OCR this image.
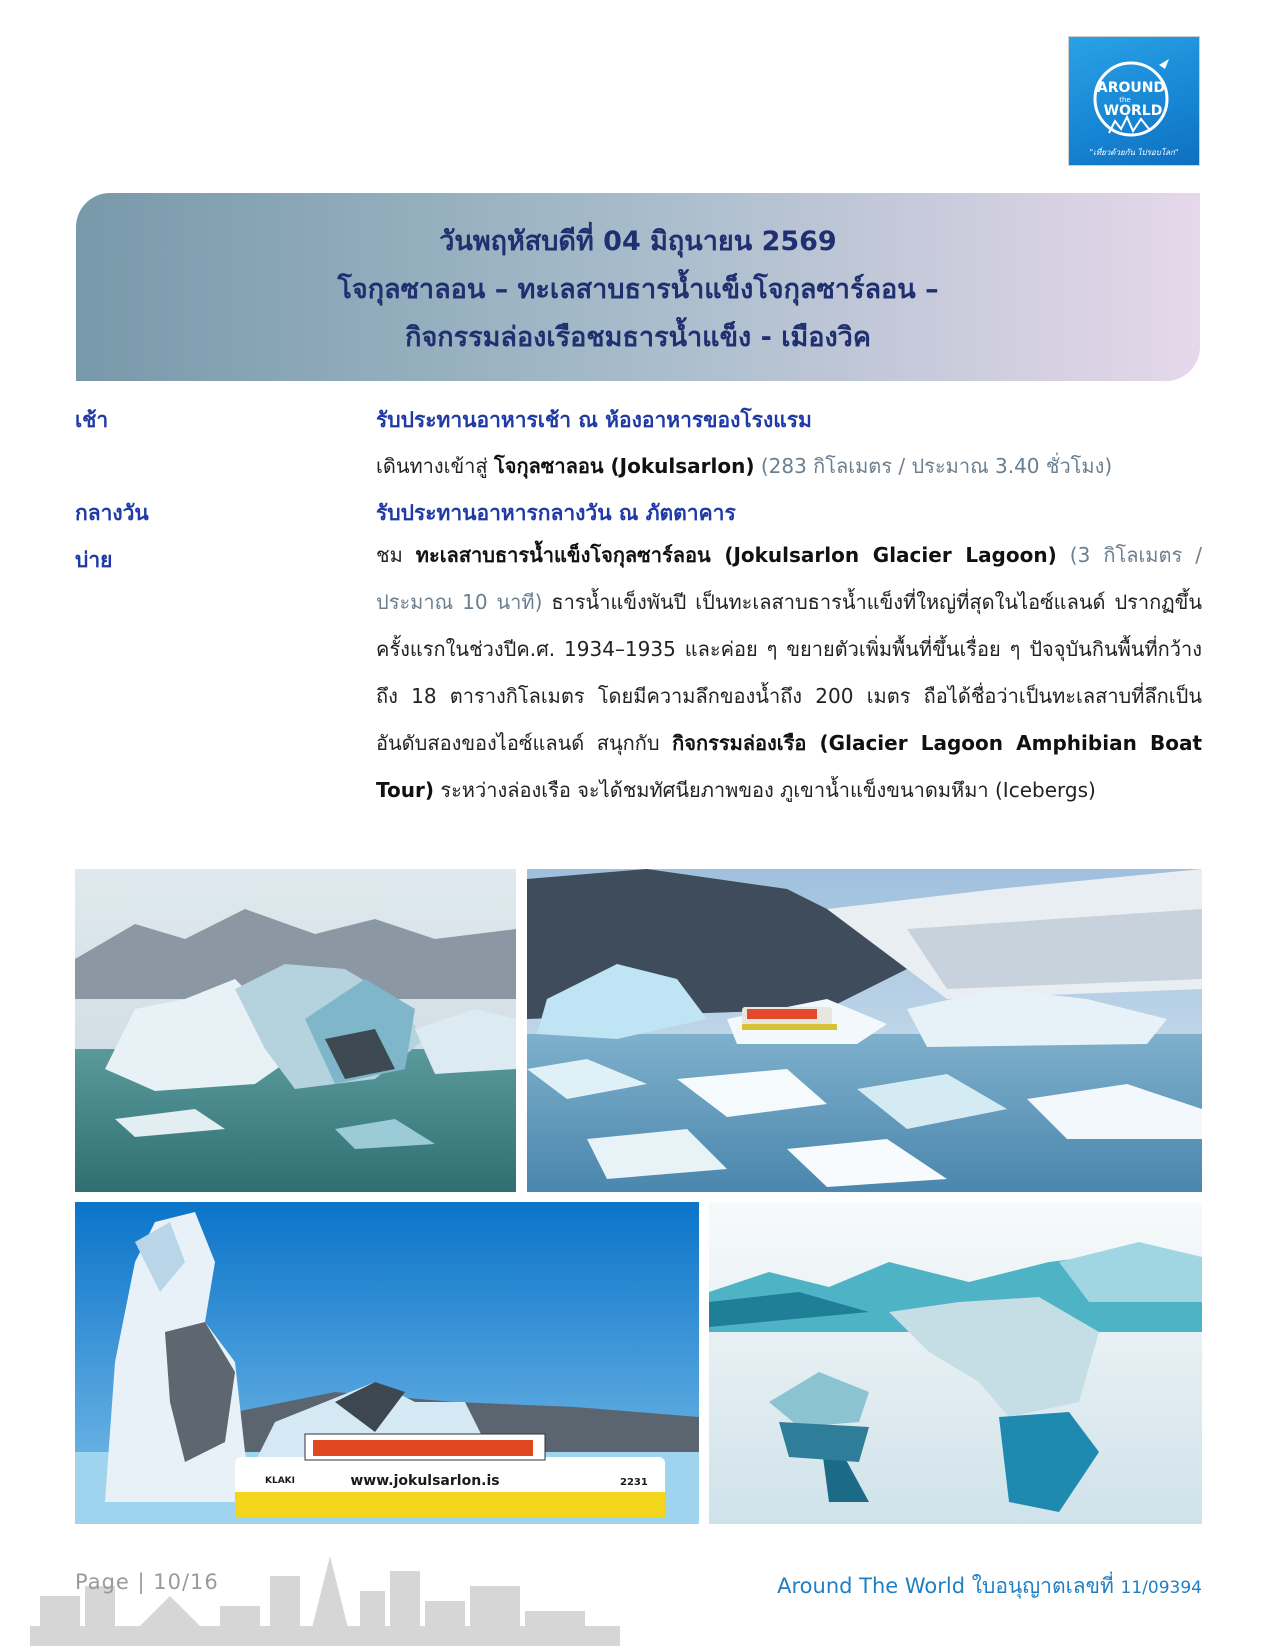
AROUND
the
WORLD
"เที่ยวด้วยกัน ไปรอบโลก"
วันพฤหัสบดีที่ 04 มิถุนายน 2569
โจกุลซาลอน – ทะเลสาบธารน้ำแข็งโจกุลซาร์ลอน –
กิจกรรมล่องเรือชมธารน้ำแข็ง - เมืองวิค
เช้า	รับประทานอาหารเช้า ณ ห้องอาหารของโรงแรม
เดินทางเข้าสู่ โจกุลซาลอน (Jokulsarlon) (283 กิโลเมตร / ประมาณ 3.40 ชั่วโมง)
กลางวัน	รับประทานอาหารกลางวัน ณ ภัตตาคาร
บ่าย	ชม ทะเลสาบธารน้ำแข็งโจกุลซาร์ลอน (Jokulsarlon Glacier Lagoon) (3 กิโลเมตร / ประมาณ 10 นาที) ธารน้ำแข็งพันปี เป็นทะเลสาบธารน้ำแข็งที่ใหญ่ที่สุดในไอซ์แลนด์ ปรากฏขึ้นครั้งแรกในช่วงปีค.ศ. 1934–1935 และค่อย ๆ ขยายตัวเพิ่มพื้นที่ขึ้นเรื่อย ๆ ปัจจุบันกินพื้นที่กว้างถึง 18 ตารางกิโลเมตร โดยมีความลึกของน้ำถึง 200 เมตร ถือได้ชื่อว่าเป็นทะเลสาบที่ลึกเป็นอันดับสองของไอซ์แลนด์ สนุกกับ กิจกรรมล่องเรือ (Glacier Lagoon Amphibian Boat Tour) ระหว่างล่องเรือ จะได้ชมทัศนียภาพของ ภูเขาน้ำแข็งขนาดมหึมา (Icebergs)
www.jokulsarlon.is
KLAKI	2231
Page | 10/16	Around The World ใบอนุญาตเลขที่ 11/09394
